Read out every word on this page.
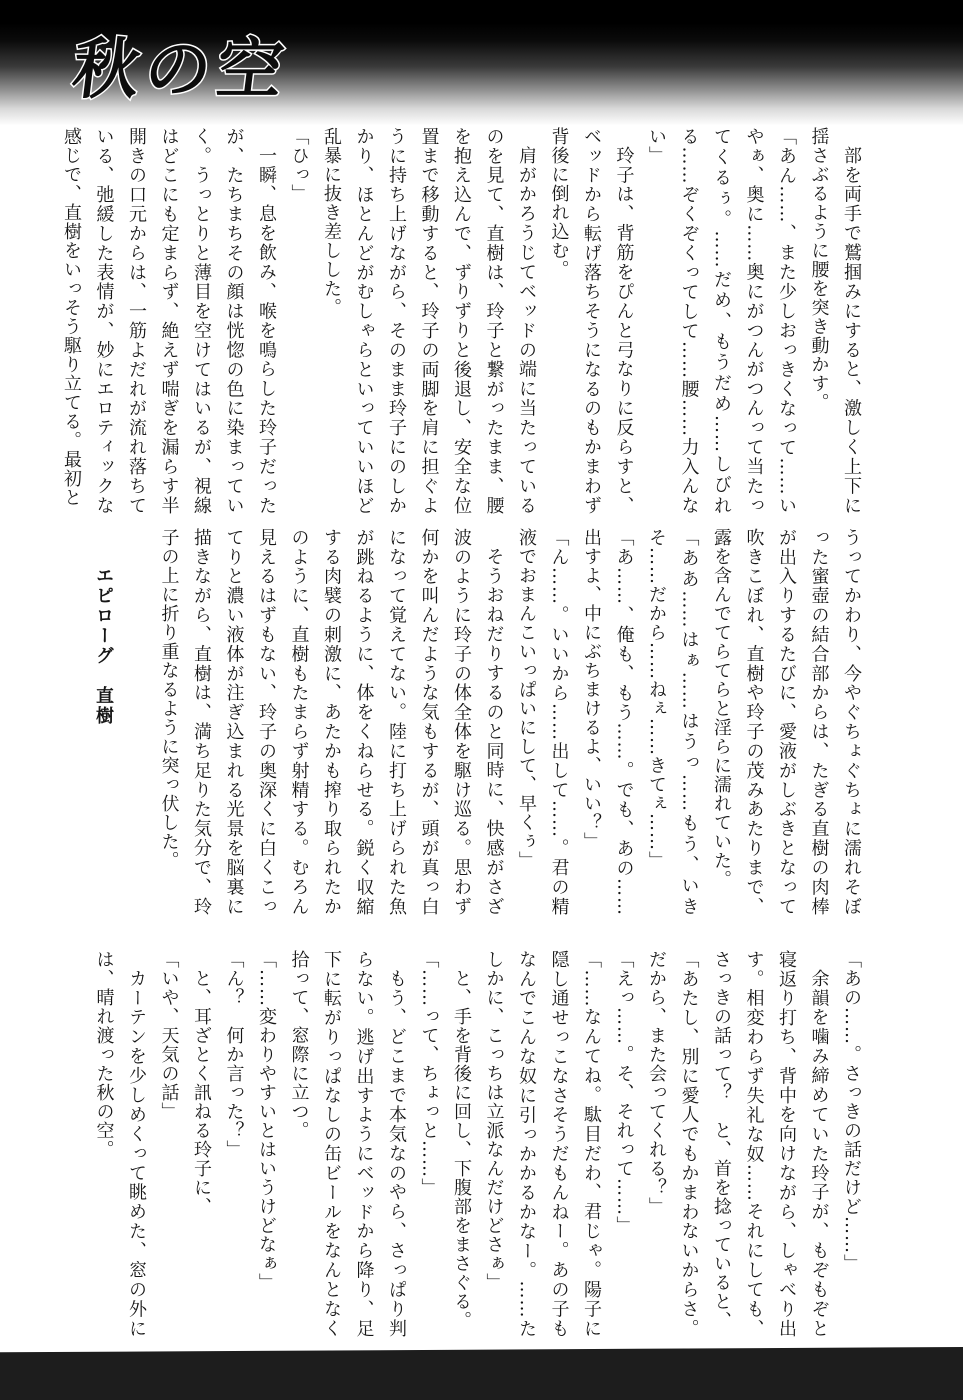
秋の空

部を両手で鷲掴みにすると、激しく上下に揺さぶるように腰を突き動かす。

「あん……、また少しおっきくなって……いやぁ、奥に……奥にがつんがつんって当たってくるぅ。……だめ、もうだめ……しびれる……ぞくぞくってして……腰……力入んない」

玲子は、背筋をぴんと弓なりに反らすと、ベッドから転げ落ちそうになるのもかまわず背後に倒れ込む。

肩がかろうじてベッドの端に当たっているのを見て、直樹は、玲子と繋がったまま、腰を抱え込んで、ずりずりと後退し、安全な位置まで移動すると、玲子の両脚を肩に担ぐように持ち上げながら、そのまま玲子にのしかかり、ほとんどがむしゃらといっていいほど乱暴に抜き差しした。

「ひっ」

一瞬、息を飲み、喉を鳴らした玲子だったが、たちまちその顔は恍惚の色に染まっていく。うっとりと薄目を空けてはいるが、視線はどこにも定まらず、絶えず喘ぎを漏らす半開きの口元からは、一筋よだれが流れ落ちている、弛緩した表情が、妙にエロティックな感じで、直樹をいっそう駆り立てる。最初と

うってかわり、今やぐちょぐちょに濡れそぼった蜜壺の結合部からは、たぎる直樹の肉棒が出入りするたびに、愛液がしぶきとなって吹きこぼれ、直樹や玲子の茂みあたりまで、露を含んでてらてらと淫らに濡れていた。

「ああ……はぁ……はうっ……もう、いきそ……だから……ねぇ……きてぇ……」

「あ……、俺も、もう……。でも、あの……出すよ、中にぶちまけるよ、いい？」

「ん……。いいから……出して……。君の精液でおまんこいっぱいにして、早くぅ」

そうおねだりするのと同時に、快感がさざ波のように玲子の体全体を駆け巡る。思わず何かを叫んだような気もするが、頭が真っ白になって覚えてない。陸に打ち上げられた魚が跳ねるように、体をくねらせる。鋭く収縮する肉襞の刺激に、あたかも搾り取られたかのように、直樹もたまらず射精する。むろん見えるはずもない、玲子の奥深くに白くこってりと濃い液体が注ぎ込まれる光景を脳裏に描きながら、直樹は、満ち足りた気分で、玲子の上に折り重なるように突っ伏した。

エピローグ　直樹

「あの……。さっきの話だけど……」

余韻を噛み締めていた玲子が、もぞもぞと寝返り打ち、背中を向けながら、しゃべり出す。相変わらず失礼な奴……それにしても、さっきの話って？　と、首を捻っていると、

「あたし、別に愛人でもかまわないからさ。だから、また会ってくれる？」

「えっ……。そ、それって……」

「……なんてね。駄目だわ、君じゃ。陽子に隠し通せっこなさそうだもんねー。あの子もなんでこんな奴に引っかかるかなー。……たしかに、こっちは立派なんだけどさぁ」

と、手を背後に回し、下腹部をまさぐる。

「……って、ちょっと……」

もう、どこまで本気なのやら、さっぱり判らない。逃げ出すようにベッドから降り、足下に転がりっぱなしの缶ビールをなんとなく拾って、窓際に立つ。

「……変わりやすいとはいうけどなぁ」

「ん？　何か言った？」

と、耳ざとく訊ねる玲子に、

「いや、天気の話」

カーテンを少しめくって眺めた、窓の外には、晴れ渡った秋の空。
